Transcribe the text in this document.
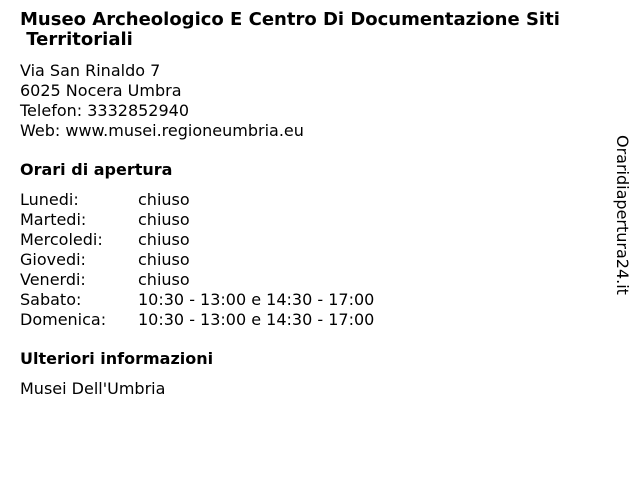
Museo Archeologico E Centro Di Documentazione Siti
Territoriali
Via San Rinaldo 7
6025 Nocera Umbra
Telefon: 3332852940
Web: www.musei.regioneumbria.eu
Orari di apertura
Lunedi:	chiuso
Martedi:	chiuso
Mercoledi:	chiuso
Giovedi:	chiuso
Venerdi:	chiuso
Sabato:	10:30 - 13:00 e 14:30 - 17:00
Domenica:	10:30 - 13:00 e 14:30 - 17:00
Ulteriori informazioni
Musei Dell'Umbria
Oraridiapertura24.it
